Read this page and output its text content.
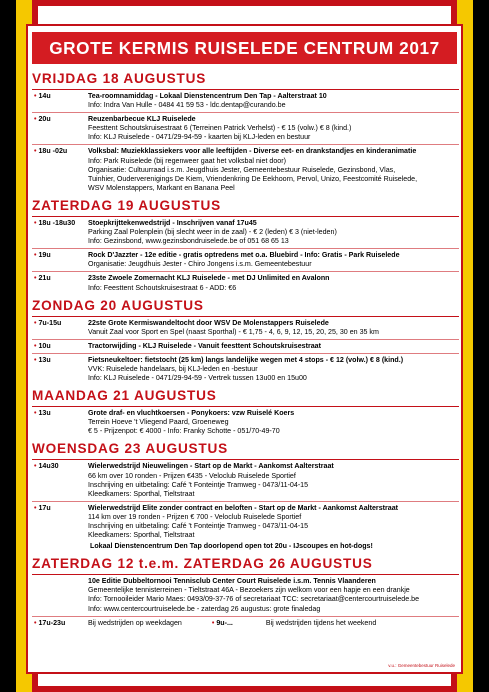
GROTE KERMIS RUISELEDE CENTRUM 2017
VRIJDAG 18 AUGUSTUS
• 14u	Tea-roomnamiddag - Lokaal Dienstencentrum Den Tap - Aalterstraat 10
Info: Indra Van Hulle - 0484 41 59 53 - ldc.dentap@curando.be
• 20u	Reuzenbarbecue KLJ Ruiselede
Feesttent Schoutskruisestraat 6 (Terreinen Patrick Verhelst) - € 15 (volw.) € 8 (kind.)
Info: KLJ Ruiselede - 0471/29-94-59 - kaarten bij KLJ-leden en bestuur
• 18u -02u	Volksbal: Muziekklassiekers voor alle leeftijden - Diverse eet- en drankstandjes en kinderanimatie
Info: Park Ruiselede (bij regenweer gaat het volksbal niet door)
Organisatie: Cultuurraad i.s.m. Jeugdhuis Jester, Gemeentebestuur Ruiselede, Gezinsbond, Vlas,
Tuinhier, Ouderverenigings De Kiem, Vriendenkring De Eekhoorn, Pervol, Unizo, Feestcomité Ruiselede,
WSV Molenstappers, Markant en Banana Peel
ZATERDAG 19 AUGUSTUS
• 18u -18u30	Stoepkrijttekenwedstrijd - Inschrijven vanaf 17u45
Parking Zaal Polenplein (bij slecht weer in de zaal) - € 2 (leden) € 3 (niet-leden)
Info: Gezinsbond, www.gezinsbondruiselede.be of 051 68 65 13
• 19u	Rock D'Jazzter - 12e editie - gratis optredens met o.a. Bluebird - Info: Gratis - Park Ruiselede
Organisatie: Jeugdhuis Jester - Chiro Jongens i.s.m. Gemeentebestuur
• 21u	23ste Zwoele Zomernacht KLJ Ruiselede - met DJ Unlimited en Avalonn
Info: Feesttent Schoutskruisestraat 6 - ADD: €6
ZONDAG 20 AUGUSTUS
• 7u-15u	22ste Grote Kermiswandeltocht door WSV De Molenstappers Ruiselede
Vanuit Zaal voor Sport en Spel (naast Sporthal) - € 1,75 - 4, 6, 9, 12, 15, 20, 25, 30 en 35 km
• 10u	Tractorwijding - KLJ Ruiselede - Vanuit feesttent Schoutskruisestraat
• 13u	Fietsneukeltoer: fietstocht (25 km) langs landelijke wegen met 4 stops - € 12 (volw.) € 8 (kind.)
VVK: Ruiselede handelaars, bij KLJ-leden en -bestuur
Info: KLJ Ruiselede - 0471/29-94-59 - Vertrek tussen 13u00 en 15u00
MAANDAG 21 AUGUSTUS
• 13u	Grote draf- en vluchtkoersen - Ponykoers: vzw Ruiselé Koers
Terrein Hoeve 't Vliegend Paard, Groeneweg
€ 5 - Prijzenpot: € 4000 - Info: Franky Schotte - 051/70-49-70
WOENSDAG 23 AUGUSTUS
• 14u30	Wielerwedstrijd Nieuwelingen - Start op de Markt - Aankomst Aalterstraat
66 km over 10 ronden - Prijzen €435 - Veloclub Ruiselede Sportief
Inschrijving en uitbetaling: Café 't Fonteintje Tramweg - 0473/11-04-15
Kleedkamers: Sporthal, Tieltstraat
• 17u	Wielerwedstrijd Elite zonder contract en beloften - Start op de Markt - Aankomst Aalterstraat
114 km over 19 ronden - Prijzen € 700 - Veloclub Ruiselede Sportief
Inschrijving en uitbetaling: Café 't Fonteintje Tramweg - 0473/11-04-15
Kleedkamers: Sporthal, Tieltstraat
Lokaal Dienstencentrum Den Tap doorlopend open tot 20u - IJscoupes en hot-dogs!
ZATERDAG 12 t.e.m. ZATERDAG 26 AUGUSTUS
10e Editie Dubbeltornooi Tennisclub Center Court Ruiselede i.s.m. Tennis Vlaanderen
Gemeentelijke tennisterreinen - Tieltstraat 46A - Bezoekers zijn welkom voor een hapje en een drankje
Info: Tornooileider Mario Maes: 0493/09-37-76 of secretariaat TCC: secretariaat@centercourtruiselede.be
Info: www.centercourtruiselede.be - zaterdag 26 augustus: grote finaledag
• 17u-23u	Bij wedstrijden op weekdagen	• 9u-...	Bij wedstrijden tijdens het weekend
v.u.: Gemeentebestuur Ruiselede
